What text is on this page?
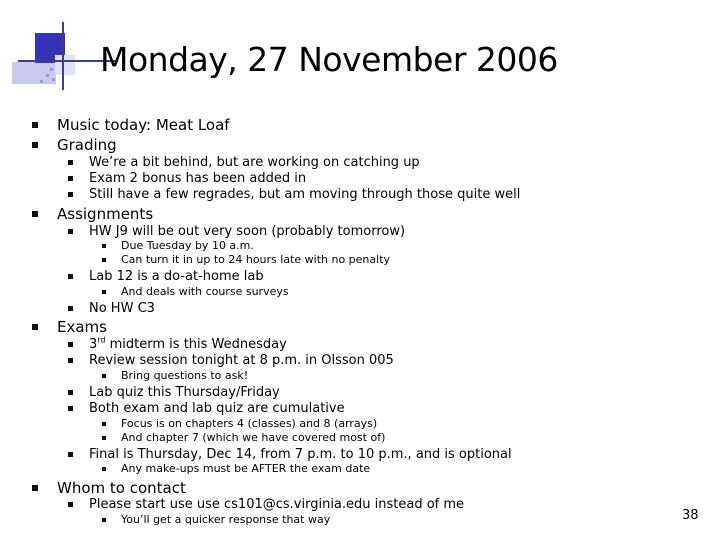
Monday, 27 November 2006
Music today: Meat Loaf
Grading
We’re a bit behind, but are working on catching up
Exam 2 bonus has been added in
Still have a few regrades, but am moving through those quite well
Assignments
HW J9 will be out very soon (probably tomorrow)
Due Tuesday by 10 a.m.
Can turn it in up to 24 hours late with no penalty
Lab 12 is a do-at-home lab
And deals with course surveys
No HW C3
Exams
3rd midterm is this Wednesday
Review session tonight at 8 p.m. in Olsson 005
Bring questions to ask!
Lab quiz this Thursday/Friday
Both exam and lab quiz are cumulative
Focus is on chapters 4 (classes) and 8 (arrays)
And chapter 7 (which we have covered most of)
Final is Thursday, Dec 14, from 7 p.m. to 10 p.m., and is optional
Any make-ups must be AFTER the exam date
Whom to contact
Please start use use cs101@cs.virginia.edu instead of me
You’ll get a quicker response that way	38
